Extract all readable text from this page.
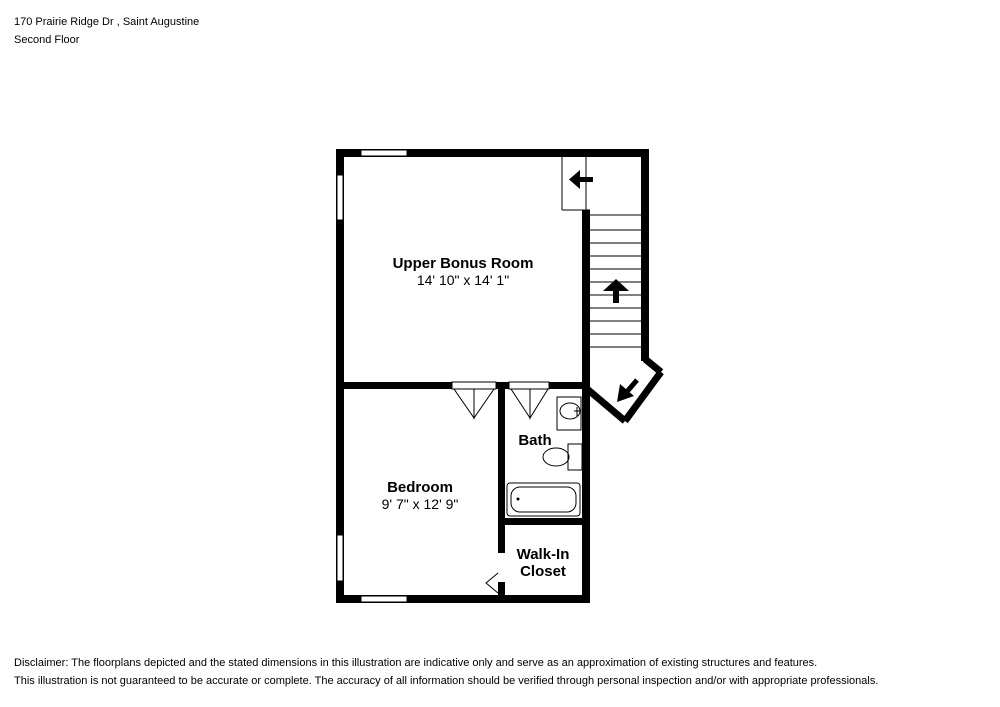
170 Prairie Ridge Dr , Saint Augustine
Second Floor
Upper Bonus Room
14' 10" x 14' 1"
Bedroom
9' 7" x 12' 9"
Bath
Walk-In
Closet
Disclaimer: The floorplans depicted and the stated dimensions in this illustration are indicative only and serve as an approximation of existing structures and features.
This illustration is not guaranteed to be accurate or complete. The accuracy of all information should be verified through personal inspection and/or with appropriate professionals.
